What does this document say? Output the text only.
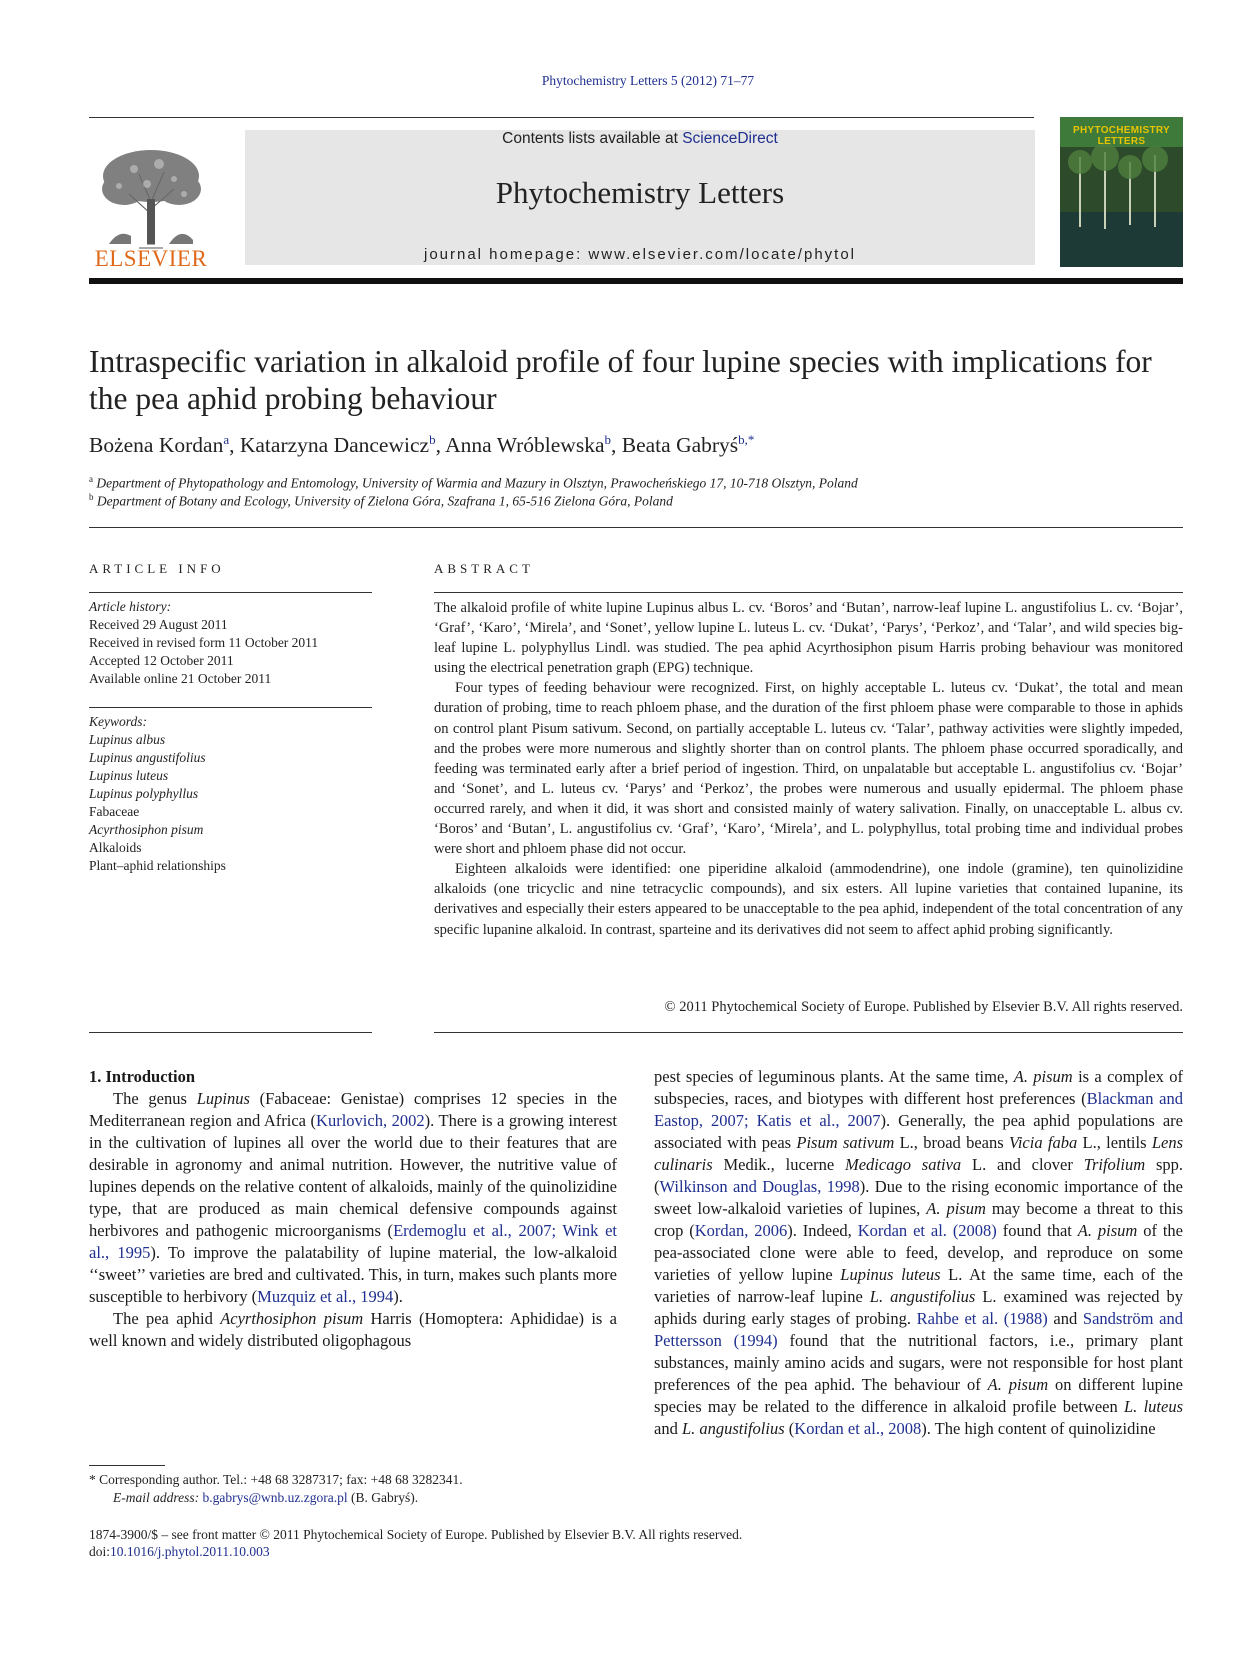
Phytochemistry Letters 5 (2012) 71–77
ELSEVIER
Contents lists available at ScienceDirect
Phytochemistry Letters
journal homepage: www.elsevier.com/locate/phytol
PHYTOCHEMISTRY LETTERS
Intraspecific variation in alkaloid profile of four lupine species with implications for the pea aphid probing behaviour
Bożena Kordan$^a$, Katarzyna Dancewicz$^b$, Anna Wróblewska$^b$, Beata Gabryś$^{b,*}$
$^a$ Department of Phytopathology and Entomology, University of Warmia and Mazury in Olsztyn, Prawocheńskiego 17, 10-718 Olsztyn, Poland
$^b$ Department of Botany and Ecology, University of Zielona Góra, Szafrana 1, 65-516 Zielona Góra, Poland
ARTICLE INFO
Article history:
Received 29 August 2011
Received in revised form 11 October 2011
Accepted 12 October 2011
Available online 21 October 2011
Keywords:
Lupinus albus
Lupinus angustifolius
Lupinus luteus
Lupinus polyphyllus
Fabaceae
Acyrthosiphon pisum
Alkaloids
Plant–aphid relationships
ABSTRACT

The alkaloid profile of white lupine Lupinus albus L. cv. ‘Boros’ and ‘Butan’, narrow-leaf lupine L. angustifolius L. cv. ‘Bojar’, ‘Graf’, ‘Karo’, ‘Mirela’, and ‘Sonet’, yellow lupine L. luteus L. cv. ‘Dukat’, ‘Parys’, ‘Perkoz’, and ‘Talar’, and wild species big-leaf lupine L. polyphyllus Lindl. was studied. The pea aphid Acyrthosiphon pisum Harris probing behaviour was monitored using the electrical penetration graph (EPG) technique.

Four types of feeding behaviour were recognized. First, on highly acceptable L. luteus cv. ‘Dukat’, the total and mean duration of probing, time to reach phloem phase, and the duration of the first phloem phase were comparable to those in aphids on control plant Pisum sativum. Second, on partially acceptable L. luteus cv. ‘Talar’, pathway activities were slightly impeded, and the probes were more numerous and slightly shorter than on control plants. The phloem phase occurred sporadically, and feeding was terminated early after a brief period of ingestion. Third, on unpalatable but acceptable L. angustifolius cv. ‘Bojar’ and ‘Sonet’, and L. luteus cv. ‘Parys’ and ‘Perkoz’, the probes were numerous and usually epidermal. The phloem phase occurred rarely, and when it did, it was short and consisted mainly of watery salivation. Finally, on unacceptable L. albus cv. ‘Boros’ and ‘Butan’, L. angustifolius cv. ‘Graf’, ‘Karo’, ‘Mirela’, and L. polyphyllus, total probing time and individual probes were short and phloem phase did not occur.

Eighteen alkaloids were identified: one piperidine alkaloid (ammodendrine), one indole (gramine), ten quinolizidine alkaloids (one tricyclic and nine tetracyclic compounds), and six esters. All lupine varieties that contained lupanine, its derivatives and especially their esters appeared to be unacceptable to the pea aphid, independent of the total concentration of any specific lupanine alkaloid. In contrast, sparteine and its derivatives did not seem to affect aphid probing significantly.

© 2011 Phytochemical Society of Europe. Published by Elsevier B.V. All rights reserved.
1. Introduction

The genus Lupinus (Fabaceae: Genistae) comprises 12 species in the Mediterranean region and Africa (Kurlovich, 2002). There is a growing interest in the cultivation of lupines all over the world due to their features that are desirable in agronomy and animal nutrition. However, the nutritive value of lupines depends on the relative content of alkaloids, mainly of the quinolizidine type, that are produced as main chemical defensive compounds against herbivores and pathogenic microorganisms (Erdemoglu et al., 2007; Wink et al., 1995). To improve the palatability of lupine material, the low-alkaloid ‘‘sweet’’ varieties are bred and cultivated. This, in turn, makes such plants more susceptible to herbivory (Muzquiz et al., 1994).

The pea aphid Acyrthosiphon pisum Harris (Homoptera: Aphididae) is a well known and widely distributed oligophagous

pest species of leguminous plants. At the same time, A. pisum is a complex of subspecies, races, and biotypes with different host preferences (Blackman and Eastop, 2007; Katis et al., 2007). Generally, the pea aphid populations are associated with peas Pisum sativum L., broad beans Vicia faba L., lentils Lens culinaris Medik., lucerne Medicago sativa L. and clover Trifolium spp. (Wilkinson and Douglas, 1998). Due to the rising economic importance of the sweet low-alkaloid varieties of lupines, A. pisum may become a threat to this crop (Kordan, 2006). Indeed, Kordan et al. (2008) found that A. pisum of the pea-associated clone were able to feed, develop, and reproduce on some varieties of yellow lupine Lupinus luteus L. At the same time, each of the varieties of narrow-leaf lupine L. angustifolius L. examined was rejected by aphids during early stages of probing. Rahbe et al. (1988) and Sandström and Pettersson (1994) found that the nutritional factors, i.e., primary plant substances, mainly amino acids and sugars, were not responsible for host plant preferences of the pea aphid. The behaviour of A. pisum on different lupine species may be related to the difference in alkaloid profile between L. luteus and L. angustifolius (Kordan et al., 2008). The high content of quinolizidine

* Corresponding author. Tel.: +48 68 3287317; fax: +48 68 3282341.
E-mail address: b.gabrys@wnb.uz.zgora.pl (B. Gabryś).
1874-3900/$ – see front matter © 2011 Phytochemical Society of Europe. Published by Elsevier B.V. All rights reserved.
doi:10.1016/j.phytol.2011.10.003
